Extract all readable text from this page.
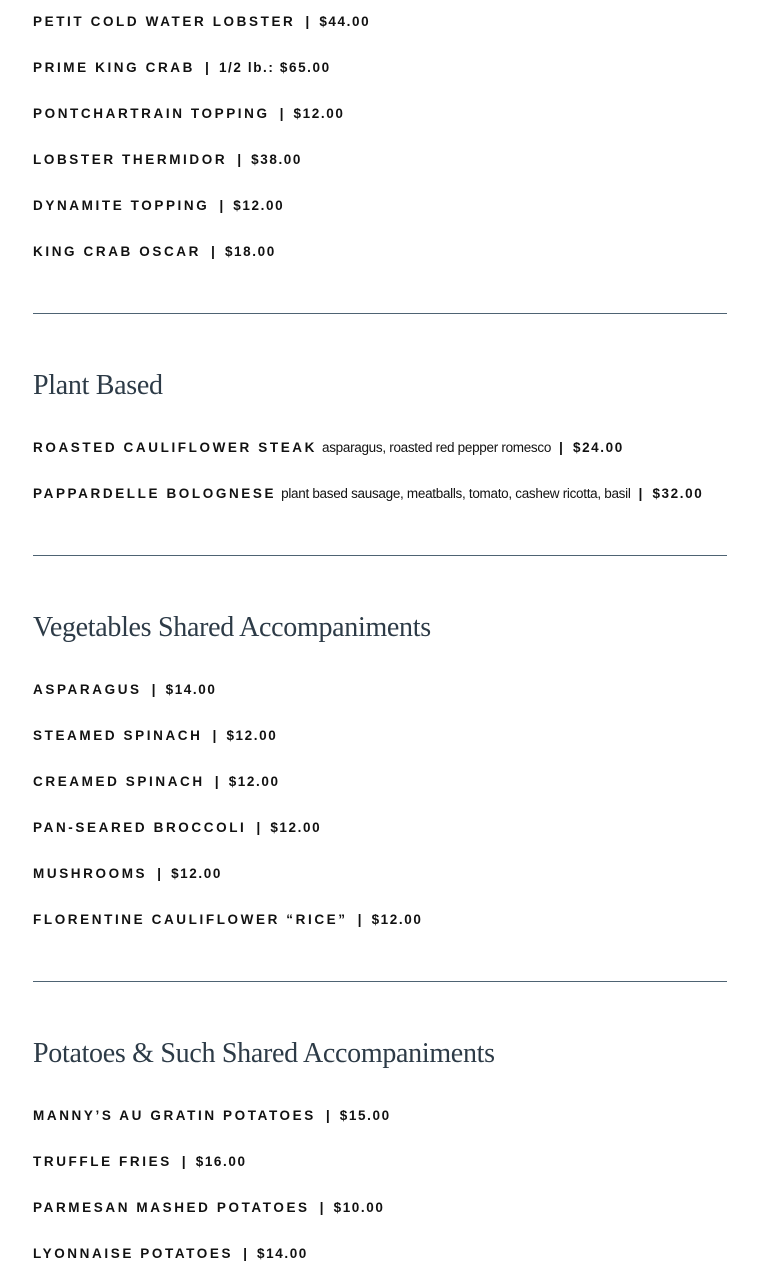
PETIT COLD WATER LOBSTER | $44.00
PRIME KING CRAB | 1/2 lb.: $65.00
PONTCHARTRAIN TOPPING | $12.00
LOBSTER THERMIDOR | $38.00
DYNAMITE TOPPING | $12.00
KING CRAB OSCAR | $18.00
Plant Based
ROASTED CAULIFLOWER STEAK asparagus, roasted red pepper romesco | $24.00
PAPPARDELLE BOLOGNESE plant based sausage, meatballs, tomato, cashew ricotta, basil | $32.00
Vegetables Shared Accompaniments
ASPARAGUS | $14.00
STEAMED SPINACH | $12.00
CREAMED SPINACH | $12.00
PAN-SEARED BROCCOLI | $12.00
MUSHROOMS | $12.00
FLORENTINE CAULIFLOWER “RICE” | $12.00
Potatoes & Such Shared Accompaniments
MANNY’S AU GRATIN POTATOES | $15.00
TRUFFLE FRIES | $16.00
PARMESAN MASHED POTATOES | $10.00
LYONNAISE POTATOES | $14.00
